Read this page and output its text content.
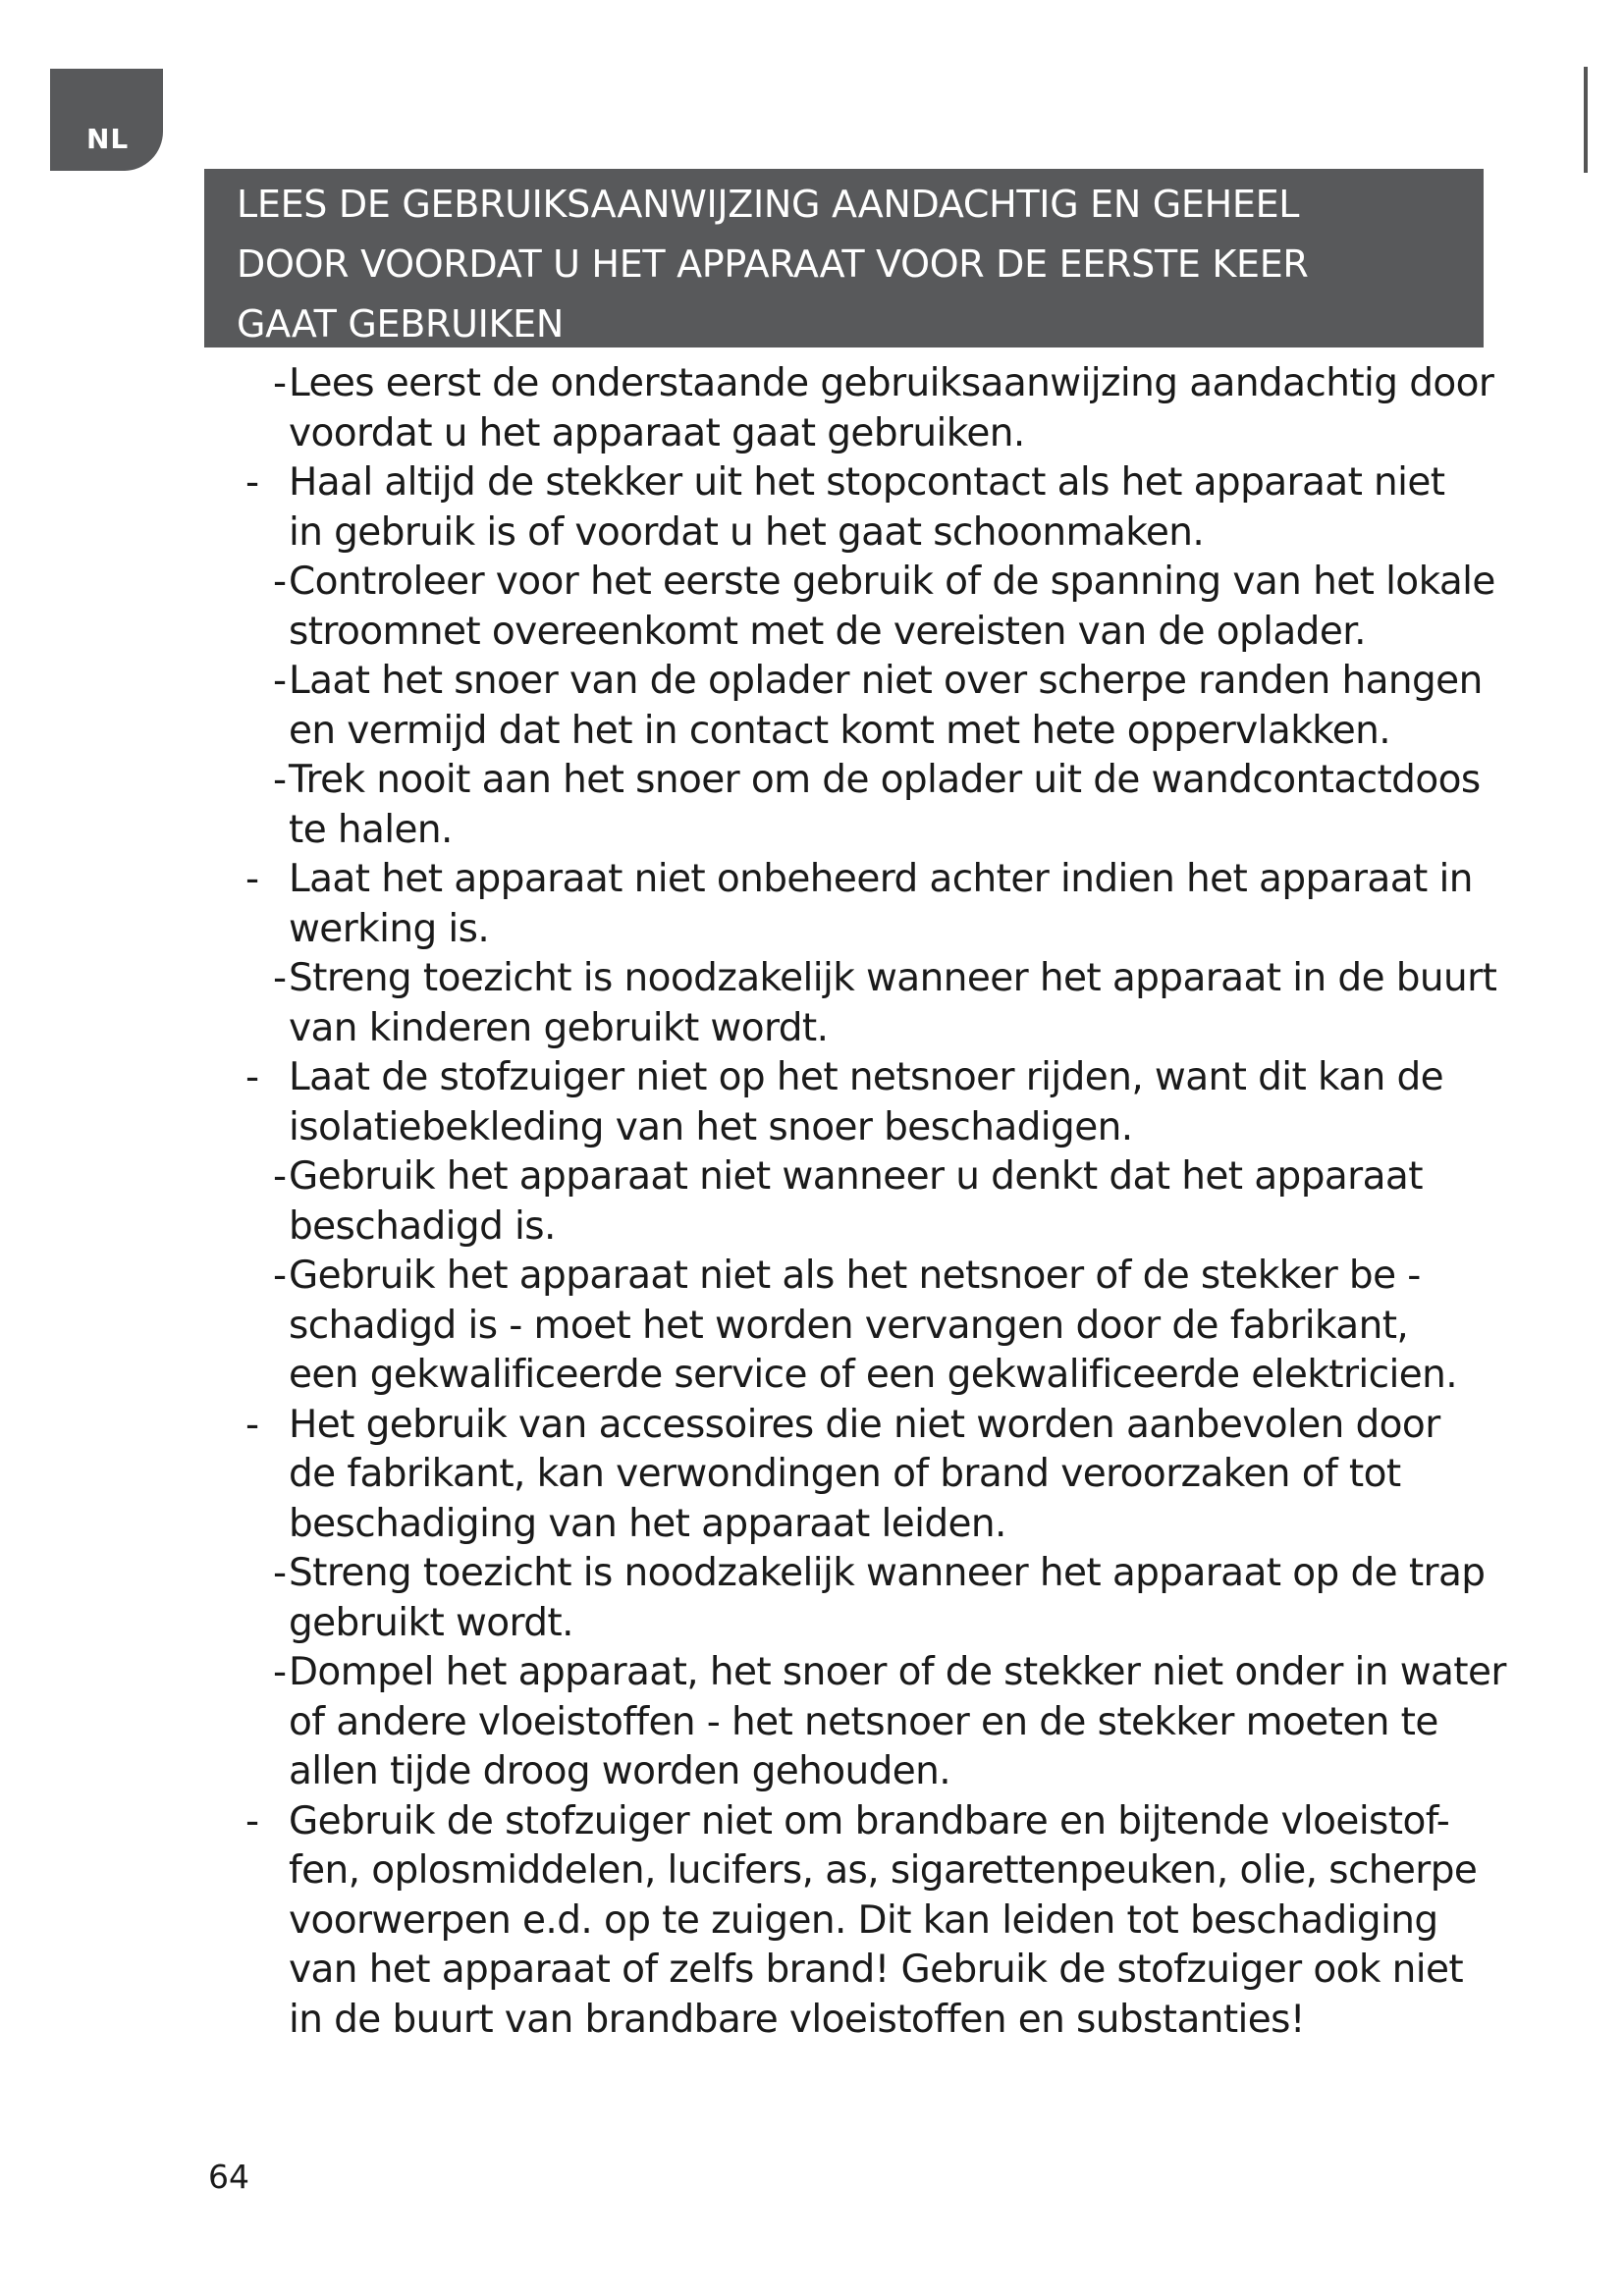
NL
LEES DE GEBRUIKSAANWIJZING AANDACHTIG EN GEHEEL
DOOR VOORDAT U HET APPARAAT VOOR DE EERSTE KEER
GAAT GEBRUIKEN
- Lees eerst de onderstaande gebruiksaanwijzing aandachtig door
voordat u het apparaat gaat gebruiken.
- Haal altijd de stekker uit het stopcontact als het apparaat niet
in gebruik is of voordat u het gaat schoonmaken.
- Controleer voor het eerste gebruik of de spanning van het lokale
stroomnet overeenkomt met de vereisten van de oplader.
- Laat het snoer van de oplader niet over scherpe randen hangen
en vermijd dat het in contact komt met hete oppervlakken.
- Trek nooit aan het snoer om de oplader uit de wandcontactdoos
te halen.
- Laat het apparaat niet onbeheerd achter indien het apparaat in
werking is.
- Streng toezicht is noodzakelijk wanneer het apparaat in de buurt
van kinderen gebruikt wordt.
- Laat de stofzuiger niet op het netsnoer rijden, want dit kan de
isolatiebekleding van het snoer beschadigen.
- Gebruik het apparaat niet wanneer u denkt dat het apparaat
beschadigd is.
- Gebruik het apparaat niet als het netsnoer of de stekker be -
schadigd is - moet het worden vervangen door de fabrikant,
een gekwalificeerde service of een gekwalificeerde elektricien.
- Het gebruik van accessoires die niet worden aanbevolen door
de fabrikant, kan verwondingen of brand veroorzaken of tot
beschadiging van het apparaat leiden.
- Streng toezicht is noodzakelijk wanneer het apparaat op de trap
gebruikt wordt.
- Dompel het apparaat, het snoer of de stekker niet onder in water
of andere vloeistoffen - het netsnoer en de stekker moeten te
allen tijde droog worden gehouden.
- Gebruik de stofzuiger niet om brandbare en bijtende vloeistof-
fen, oplosmiddelen, lucifers, as, sigarettenpeuken, olie, scherpe
voorwerpen e.d. op te zuigen. Dit kan leiden tot beschadiging
van het apparaat of zelfs brand! Gebruik de stofzuiger ook niet
in de buurt van brandbare vloeistoffen en substanties!
64
